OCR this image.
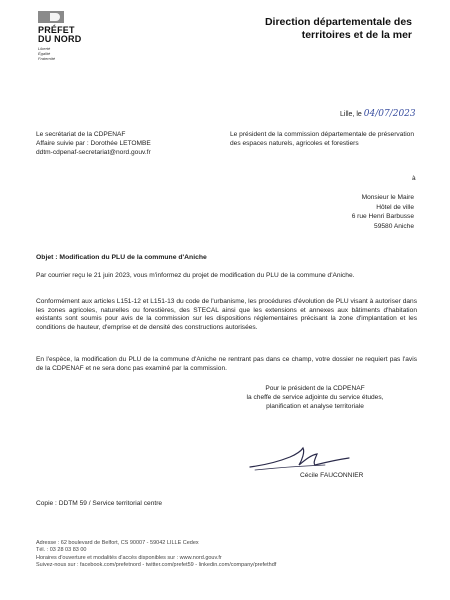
PRÉFET
DU NORD
Liberté
Égalité
Fraternité
Direction départementale des territoires et de la mer
Lille, le 04/07/2023
Le secrétariat de la CDPENAF
Affaire suivie par : Dorothée LETOMBE
ddtm-cdpenaf-secretariat@nord.gouv.fr
Le président de la commission départementale de préservation des espaces naturels, agricoles et forestiers
à
Monsieur le Maire
Hôtel de ville
6 rue Henri Barbusse
59580 Aniche
Objet : Modification du PLU de la commune d'Aniche
Par courrier reçu le 21 juin 2023, vous m'informez du projet de modification du PLU de la commune d'Aniche.
Conformément aux articles L151-12 et L151-13 du code de l'urbanisme, les procédures d'évolution de PLU visant à autoriser dans les zones agricoles, naturelles ou forestières, des STECAL ainsi que les extensions et annexes aux bâtiments d'habitation existants sont soumis pour avis de la commission sur les dispositions réglementaires précisant la zone d'implantation et les conditions de hauteur, d'emprise et de densité des constructions autorisées.
En l'espèce, la modification du PLU de la commune d'Aniche ne rentrant pas dans ce champ, votre dossier ne requiert pas l'avis de la CDPENAF et ne sera donc pas examiné par la commission.
Pour le président de la CDPENAF
la cheffe de service adjointe du service études,
planification et analyse territoriale
Cécile FAUCONNIER
Copie : DDTM 59 / Service territorial centre
Adresse : 62 boulevard de Belfort, CS 90007 - 59042 LILLE Cedex
Tél. : 03 28 03 83 00
Horaires d'ouverture et modalités d'accès disponibles sur : www.nord.gouv.fr
Suivez-nous sur : facebook.com/prefetnord - twitter.com/prefet59 - linkedin.com/company/prefethdf
